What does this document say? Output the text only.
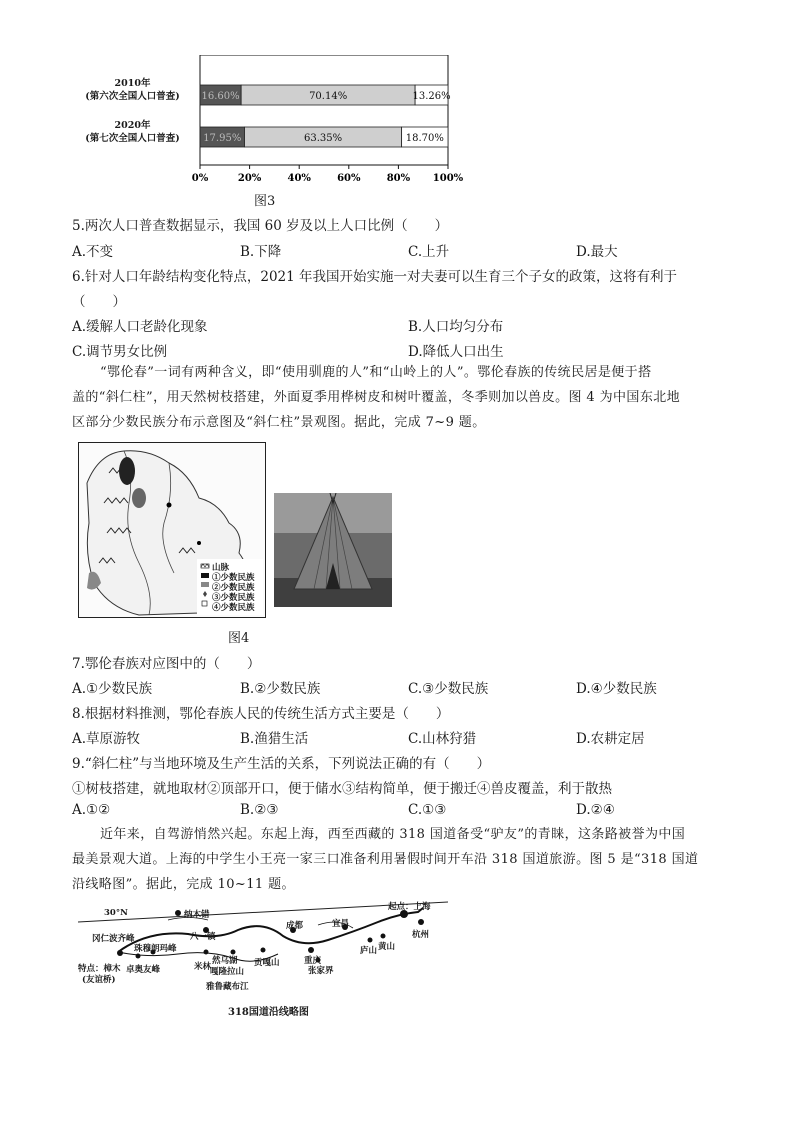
2010年
(第六次全国人口普查)
2020年
(第七次全国人口普查)
0%	20%	40%	60%	80% 100%
16.60%	70.14%	13.26%
17.95%	63.35%	18.70%
图3
5.两次人口普查数据显示，我国 60 岁及以上人口比例（　　）
A.不变	B.下降	C.上升	D.最大
6.针对人口年龄结构变化特点，2021 年我国开始实施一对夫妻可以生育三个子女的政策，这将有利于
（　　）
A.缓解人口老龄化现象	B.人口均匀分布
C.调节男女比例	D.降低人口出生
“鄂伦春”一词有两种含义，即“使用驯鹿的人”和“山岭上的人”。鄂伦春族的传统民居是便于搭
盖的“斜仁柱”，用天然树枝搭建，外面夏季用桦树皮和树叶覆盖，冬季则加以兽皮。图 4 为中国东北地
区部分少数民族分布示意图及“斜仁柱”景观图。据此，完成 7~9 题。
山脉
①少数民族
②少数民族
③少数民族
④少数民族
图4
7.鄂伦春族对应图中的（　　）
A.①少数民族	B.②少数民族	C.③少数民族	D.④少数民族
8.根据材料推测，鄂伦春族人民的传统生活方式主要是（　　）
A.草原游牧	B.渔猎生活	C.山林狩猎	D.农耕定居
9.“斜仁柱”与当地环境及生产生活的关系，下列说法正确的有（　　）
①树枝搭建，就地取材②顶部开口，便于储水③结构简单，便于搬迁④兽皮覆盖，利于散热
A.①②	B.②③	C.①③	D.②④
近年来，自驾游悄然兴起。东起上海，西至西藏的 318 国道备受“驴友”的青睐，这条路被誉为中国
最美景观大道。上海的中学生小王亮一家三口准备利用暑假时间开车沿 318 国道旅游。图 5 是“318 国道
沿线略图”。据此，完成 10~11 题。
30°N	纳木错
八一镇
成都	宜昌
起点：上海
冈仁波齐峰
珠穆朗玛峰
特点：樟木
(友谊桥)
卓奥友峰	米林
然乌湖
嘎隆拉山
贡嘎山	重庆
张家界
庐山 黄山
杭州
雅鲁藏布江
318国道沿线略图
